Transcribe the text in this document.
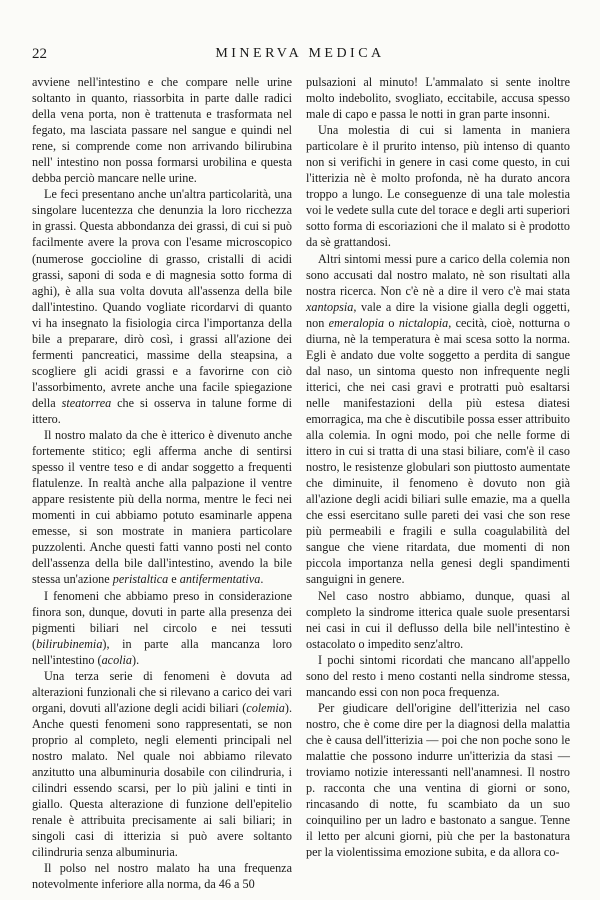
22	MINERVA MEDICA

avviene nell'intestino e che compare nelle urine soltanto in quanto, riassorbita in parte dalle radici della vena porta, non è trattenuta e trasformata nel fegato, ma lasciata passare nel sangue e quindi nel rene, si comprende come non arrivando bilirubina nell' intestino non possa formarsi urobilina e questa debba perciò mancare nelle urine.

Le feci presentano anche un'altra particolarità, una singolare lucentezza che denunzia la loro ricchezza in grassi. Questa abbondanza dei grassi, di cui si può facilmente avere la prova con l'esame microscopico (numerose goccioline di grasso, cristalli di acidi grassi, saponi di soda e di magnesia sotto forma di aghi), è alla sua volta dovuta all'assenza della bile dall'intestino. Quando vogliate ricordarvi di quanto vi ha insegnato la fisiologia circa l'importanza della bile a preparare, dirò così, i grassi all'azione dei fermenti pancreatici, massime della steapsina, a scogliere gli acidi grassi e a favorirne con ciò l'assorbimento, avrete anche una facile spiegazione della steatorrea che si osserva in talune forme di ittero.

Il nostro malato da che è itterico è divenuto anche fortemente stitico; egli afferma anche di sentirsi spesso il ventre teso e di andar soggetto a frequenti flatulenze. In realtà anche alla palpazione il ventre appare resistente più della norma, mentre le feci nei momenti in cui abbiamo potuto esaminarle appena emesse, si son mostrate in maniera particolare puzzolenti. Anche questi fatti vanno posti nel conto dell'assenza della bile dall'intestino, avendo la bile stessa un'azione peristaltica e antifermentativa.

I fenomeni che abbiamo preso in considerazione finora son, dunque, dovuti in parte alla presenza dei pigmenti biliari nel circolo e nei tessuti (bilirubinemia), in parte alla mancanza loro nell'intestino (acolia).

Una terza serie di fenomeni è dovuta ad alterazioni funzionali che si rilevano a carico dei vari organi, dovuti all'azione degli acidi biliari (colemia). Anche questi fenomeni sono rappresentati, se non proprio al completo, negli elementi principali nel nostro malato. Nel quale noi abbiamo rilevato anzitutto una albuminuria dosabile con cilindruria, i cilindri essendo scarsi, per lo più jalini e tinti in giallo. Questa alterazione di funzione dell'epitelio renale è attribuita precisamente ai sali biliari; in singoli casi di itterizia si può avere soltanto cilindruria senza albuminuria.

Il polso nel nostro malato ha una frequenza notevolmente inferiore alla norma, da 46 a 50

pulsazioni al minuto! L'ammalato si sente inoltre molto indebolito, svogliato, eccitabile, accusa spesso male di capo e passa le notti in gran parte insonni.

Una molestia di cui si lamenta in maniera particolare è il prurito intenso, più intenso di quanto non si verifichi in genere in casi come questo, in cui l'itterizia nè è molto profonda, nè ha durato ancora troppo a lungo. Le conseguenze di una tale molestia voi le vedete sulla cute del torace e degli arti superiori sotto forma di escoriazioni che il malato si è prodotto da sè grattandosi.

Altri sintomi messi pure a carico della colemia non sono accusati dal nostro malato, nè son risultati alla nostra ricerca. Non c'è nè a dire il vero c'è mai stata xantopsia, vale a dire la visione gialla degli oggetti, non emeralopia o nictalopia, cecità, cioè, notturna o diurna, nè la temperatura è mai scesa sotto la norma. Egli è andato due volte soggetto a perdita di sangue dal naso, un sintoma questo non infrequente negli itterici, che nei casi gravi e protratti può esaltarsi nelle manifestazioni della più estesa diatesi emorragica, ma che è discutibile possa esser attribuito alla colemia. In ogni modo, poi che nelle forme di ittero in cui si tratta di una stasi biliare, com'è il caso nostro, le resistenze globulari son piuttosto aumentate che diminuite, il fenomeno è dovuto non già all'azione degli acidi biliari sulle emazie, ma a quella che essi esercitano sulle pareti dei vasi che son rese più permeabili e fragili e sulla coagulabilità del sangue che viene ritardata, due momenti di non piccola importanza nella genesi degli spandimenti sanguigni in genere.

Nel caso nostro abbiamo, dunque, quasi al completo la sindrome itterica quale suole presentarsi nei casi in cui il deflusso della bile nell'intestino è ostacolato o impedito senz'altro.

I pochi sintomi ricordati che mancano all'appello sono del resto i meno costanti nella sindrome stessa, mancando essi con non poca frequenza.

Per giudicare dell'origine dell'itterizia nel caso nostro, che è come dire per la diagnosi della malattia che è causa dell'itterizia — poi che non poche sono le malattie che possono indurre un'itterizia da stasi — troviamo notizie interessanti nell'anamnesi. Il nostro p. racconta che una ventina di giorni or sono, rincasando di notte, fu scambiato da un suo coinquilino per un ladro e bastonato a sangue. Tenne il letto per alcuni giorni, più che per la bastonatura per la violentissima emozione subita, e da allora co-
